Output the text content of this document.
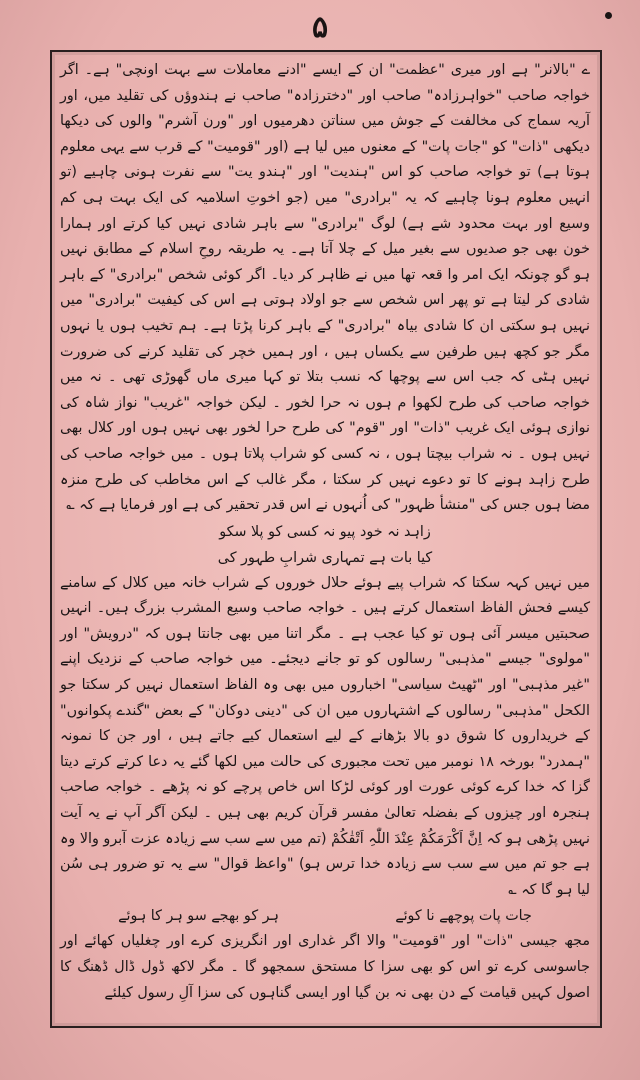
۵

ے "بالانر" ہے اور میری "عظمت" ان کے ایسے "ادنے معاملات سے بہت اونچی" ہے۔ اگر خواجہ صاحب "خواہرزادہ" صاحب اور "دخترزادہ" صاحب نے ہندوؤں کی تقلید میں، اور آریہ سماج کی مخالفت کے جوش میں سناتن دھرمیوں اور "ورن آشرم" والوں کی دیکھا دیکھی "ذات" کو "جات پات" کے معنوں میں لیا ہے (اور "قومیت" کے قرب سے یہی معلوم ہوتا ہے) تو خواجہ صاحب کو اس "ہندیت" اور "ہندو یت" سے نفرت ہونی چاہیے (تو انہیں معلوم ہونا چاہیے کہ یہ "برادری" میں (جو اخوتِ اسلامیہ کی ایک بہت ہی کم وسیع اور بہت محدود شے ہے) لوگ "برادری" سے باہر شادی نہیں کیا کرتے اور ہمارا خون بھی جو صدیوں سے بغیر میل کے چلا آتا ہے۔ یہ طریقہ روحِ اسلام کے مطابق نہیں ہو گو چونکہ ایک امر وا قعہ تھا میں نے ظاہر کر دیا۔ اگر کوئی شخص "برادری" کے باہر شادی کر لیتا ہے تو پھر اس شخص سے جو اولاد ہوتی ہے اس کی کیفیت "برادری" میں نہیں ہو سکتی ان کا شادی بیاہ "برادری" کے باہر کرنا پڑتا ہے۔ ہم تخیب ہوں یا نہوں مگر جو کچھ ہیں طرفین سے یکساں ہیں ، اور ہمیں خچر کی تقلید کرنے کی ضرورت نہیں ہٹی کہ جب اس سے پوچھا کہ نسب بتلا تو کہا میری ماں گھوڑی تھی ۔ نہ میں خواجہ صاحب کی طرح لکھوا م ہوں نہ حرا لخور ۔ لیکن خواجہ "غریب" نواز شاہ کی نوازی ہوئی ایک غریب "ذات" اور "قوم" کی طرح حرا لخور بھی نہیں ہوں اور کلال بھی نہیں ہوں ۔ نہ شراب بیچتا ہوں ، نہ کسی کو شراب پلاتا ہوں ۔ میں خواجہ صاحب کی طرح زاہد ہونے کا تو دعوے نہیں کر سکتا ، مگر غالب کے اس مخاطب کی طرح منزہ مضا ہوں جس کی "منشأ ظہور" کی اُنہوں نے اس قدر تحقیر کی ہے اور فرمایا ہے کہ ؎

زاہد نہ خود پیو نہ کسی کو پلا سکو

کیا بات ہے تمہاری شرابِ طہور کی

میں نہیں کہہ سکتا کہ شراب پیے ہوئے حلال خوروں کے شراب خانہ میں کلال کے سامنے کیسے فحش الفاظ استعمال کرتے ہیں ۔ خواجہ صاحب وسیع المشرب بزرگ ہیں۔ انہیں صحبتیں میسر آئی ہوں تو کیا عجب ہے ۔ مگر اتنا میں بھی جانتا ہوں کہ "درویش" اور "مولوی" جیسے "مذہبی" رسالوں کو تو جانے دیجئے۔ میں خواجہ صاحب کے نزدیک اپنے "غیر مذہبی" اور "ٹھیٹ سیاسی" اخباروں میں بھی وہ الفاظ استعمال نہیں کر سکتا جو الکحل "مذہبی" رسالوں کے اشتہاروں میں ان کی "دینی دوکان" کے بعض "گندے پکوانوں" کے خریداروں کا شوق دو بالا بڑھانے کے لیے استعمال کیے جاتے ہیں ، اور جن کا نمونہ "ہمدرد" بورخہ ۱۸ نومبر میں تحت مجبوری کی حالت میں لکھا گئے یہ دعا کرتے کرتے دیتا گزا کہ خدا کرے کوئی عورت اور کوئی لڑکا اس خاص پرچے کو نہ پڑھے ۔ خواجہ صاحب ہنجرہ اور چیزوں کے بفضلہ تعالیٰ مفسر قرآن کریم بھی ہیں ۔ لیکن آگر آپ نے یہ آیت نہیں پڑھی ہو کہ اِنَّ اَکْرَمَکُمْ عِنْدَ اللّٰہِ اَتْقٰکُمْ (تم میں سے سب سے زیادہ عزت آبرو والا وہ ہے جو تم میں سے سب سے زیادہ خدا ترس ہو) "واعظ قوال" سے یہ تو ضرور ہی سُن لیا ہو گا کہ ؎

جات پات پوچھے نا کوئے
ہر کو بھجے سو ہر کا ہوئے

مجھ جیسی "ذات" اور "قومیت" والا اگر غداری اور انگریزی کرے اور چغلیاں کھائے اور جاسوسی کرے تو اس کو بھی سزا کا مستحق سمجھو گا ۔ مگر لاکھ ڈول ڈال ڈھنگ کا اصول کہیں قیامت کے دن بھی نہ بن گیا اور ایسی گناہوں کی سزا آلِ رسول کیلئے
